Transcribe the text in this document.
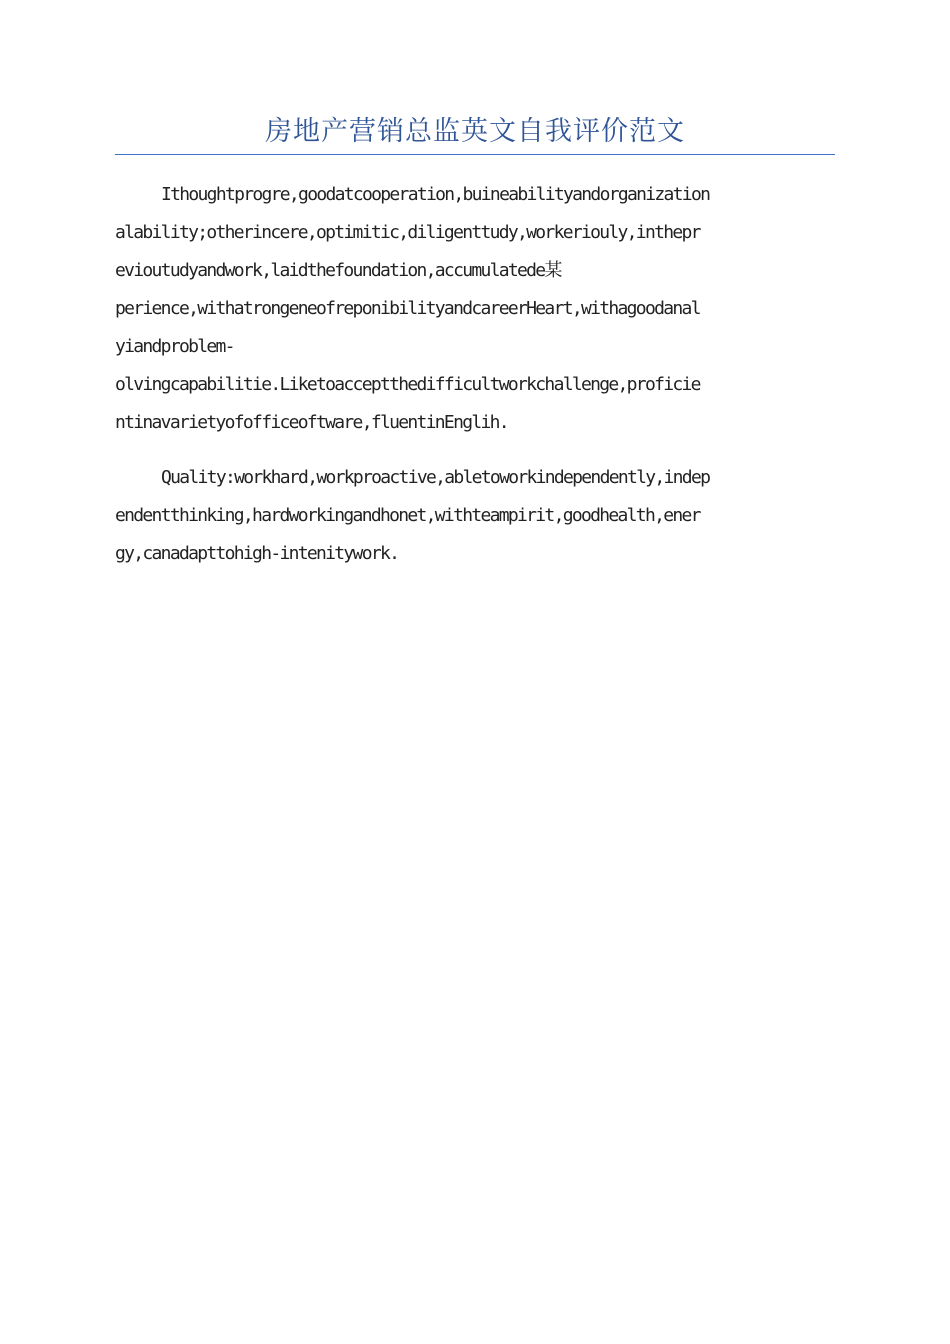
房地产营销总监英文自我评价范文
Ithoughtprogre,goodatcooperation,buineabilityandorganization
alability;otherincere,optimitic,diligenttudy,workeriouly,inthepr
evioutudyandwork,laidthefoundation,accumulatede某
perience,withatrongeneofreponibilityandcareerHeart,withagoodanal
yiandproblem-
olvingcapabilitie.Liketoacceptthedifficultworkchallenge,proficie
ntinavarietyofofficeoftware,fluentinEnglih.
Quality:workhard,workproactive,abletoworkindependently,indep
endentthinking,hardworkingandhonet,withteampirit,goodhealth,ener
gy,canadapttohigh-intenitywork.
